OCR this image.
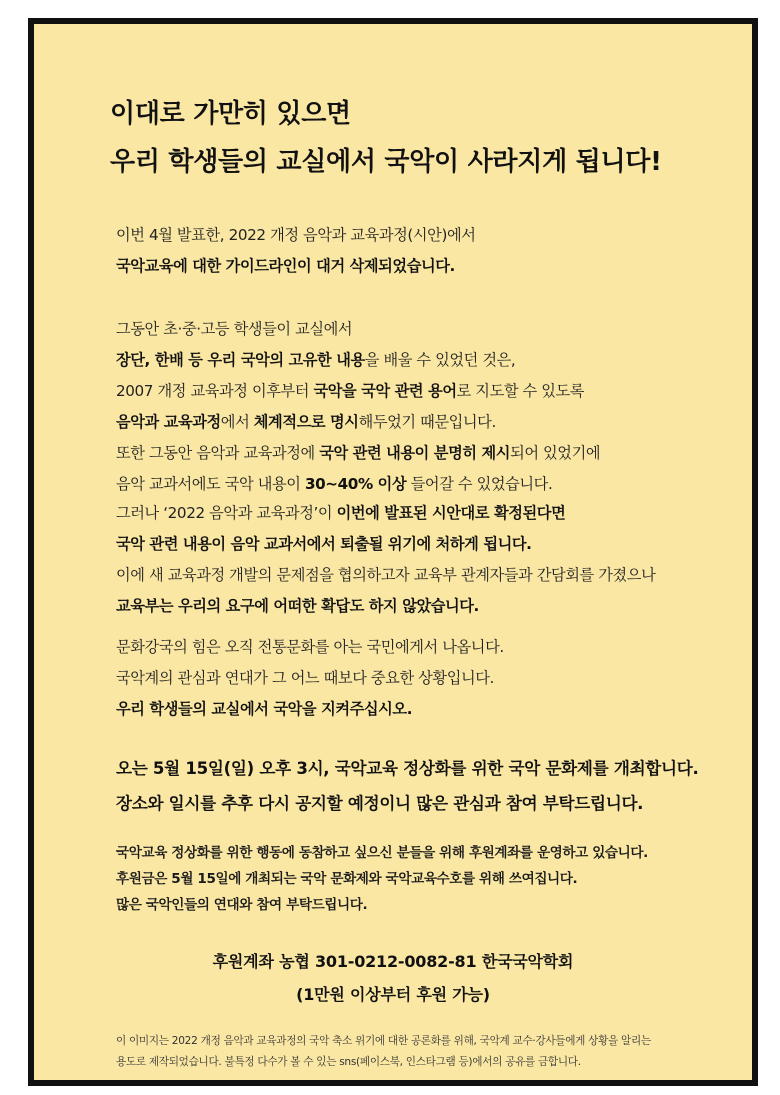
이대로 가만히 있으면
우리 학생들의 교실에서 국악이 사라지게 됩니다!
이번 4월 발표한, 2022 개정 음악과 교육과정(시안)에서
국악교육에 대한 가이드라인이 대거 삭제되었습니다.
그동안 초·중·고등 학생들이 교실에서
장단, 한배 등 우리 국악의 고유한 내용을 배울 수 있었던 것은,
2007 개정 교육과정 이후부터 국악을 국악 관련 용어로 지도할 수 있도록
음악과 교육과정에서 체계적으로 명시해두었기 때문입니다.
또한 그동안 음악과 교육과정에 국악 관련 내용이 분명히 제시되어 있었기에
음악 교과서에도 국악 내용이 30~40% 이상 들어갈 수 있었습니다.
그러나 ‘2022 음악과 교육과정’이 이번에 발표된 시안대로 확정된다면
국악 관련 내용이 음악 교과서에서 퇴출될 위기에 처하게 됩니다.
이에 새 교육과정 개발의 문제점을 협의하고자 교육부 관계자들과 간담회를 가졌으나
교육부는 우리의 요구에 어떠한 확답도 하지 않았습니다.
문화강국의 힘은 오직 전통문화를 아는 국민에게서 나옵니다.
국악계의 관심과 연대가 그 어느 때보다 중요한 상황입니다.
우리 학생들의 교실에서 국악을 지켜주십시오.
오는 5월 15일(일) 오후 3시, 국악교육 정상화를 위한 국악 문화제를 개최합니다.
장소와 일시를 추후 다시 공지할 예정이니 많은 관심과 참여 부탁드립니다.
국악교육 정상화를 위한 행동에 동참하고 싶으신 분들을 위해 후원계좌를 운영하고 있습니다.
후원금은 5월 15일에 개최되는 국악 문화제와 국악교육수호를 위해 쓰여집니다.
많은 국악인들의 연대와 참여 부탁드립니다.
후원계좌 농협 301-0212-0082-81 한국국악학회
(1만원 이상부터 후원 가능)
이 이미지는 2022 개정 음악과 교육과정의 국악 축소 위기에 대한 공론화를 위해, 국악계 교수·강사들에게 상황을 알리는
용도로 제작되었습니다. 불특정 다수가 볼 수 있는 sns(페이스북, 인스타그램 등)에서의 공유를 금합니다.
